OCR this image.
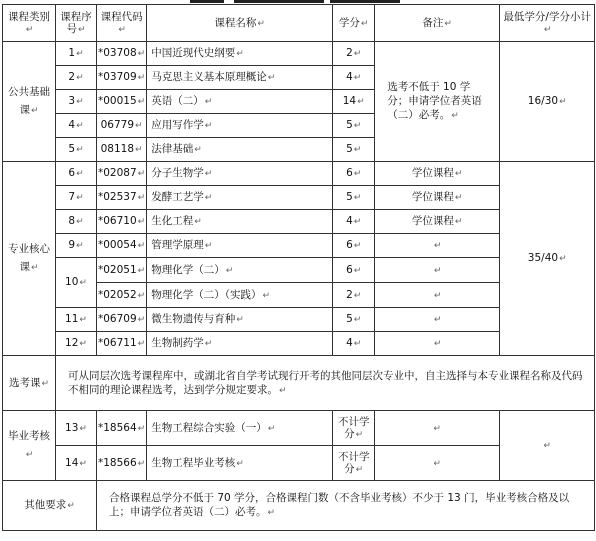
课程类别↵	课程序号↵	课程代码↵	课程名称↵	学分↵	备注↵	最低学分/学分小计↵
公共基础课↵	1↵	*03708↵	中国近现代史纲要↵	2↵	选考不低于 10 学分；申请学位者英语（二）必考。↵	16/30↵
	2↵	*03709↵	马克思主义基本原理概论↵	4↵		
	3↵	*00015↵	英语（二）↵	14↵		
	4↵	06779↵	应用写作学↵	5↵		
	5↵	08118↵	法律基础↵	5↵		
专业核心课↵	6↵	*02087↵	分子生物学↵	6↵	学位课程↵	35/40↵
	7↵	*02537↵	发酵工艺学↵	5↵	学位课程↵	
	8↵	*06710↵	生化工程↵	4↵	学位课程↵	
	9↵	*00054↵	管理学原理↵	6↵	↵	
	10↵	*02051↵	物理化学（二）↵	6↵	↵	
		*02052↵	物理化学（二）（实践）↵	2↵	↵	
	11↵	*06709↵	微生物遗传与育种↵	5↵	↵	
	12↵	*06711↵	生物制药学↵	4↵	↵	
选考课↵	可从同层次选考课程库中，或湖北省自学考试现行开考的其他同层次专业中，自主选择与本专业课程名称及代码不相同的理论课程选考，达到学分规定要求。↵					
毕业考核↵	13↵	*18564↵	生物工程综合实验（一）↵	不计学分↵	↵	↵
	14↵	*18566↵	生物工程毕业考核↵	不计学分↵	↵	
其他要求↵		合格课程总学分不低于 70 学分，合格课程门数（不含毕业考核）不少于 13 门，毕业考核合格及以上；申请学位者英语（二）必考。↵				
